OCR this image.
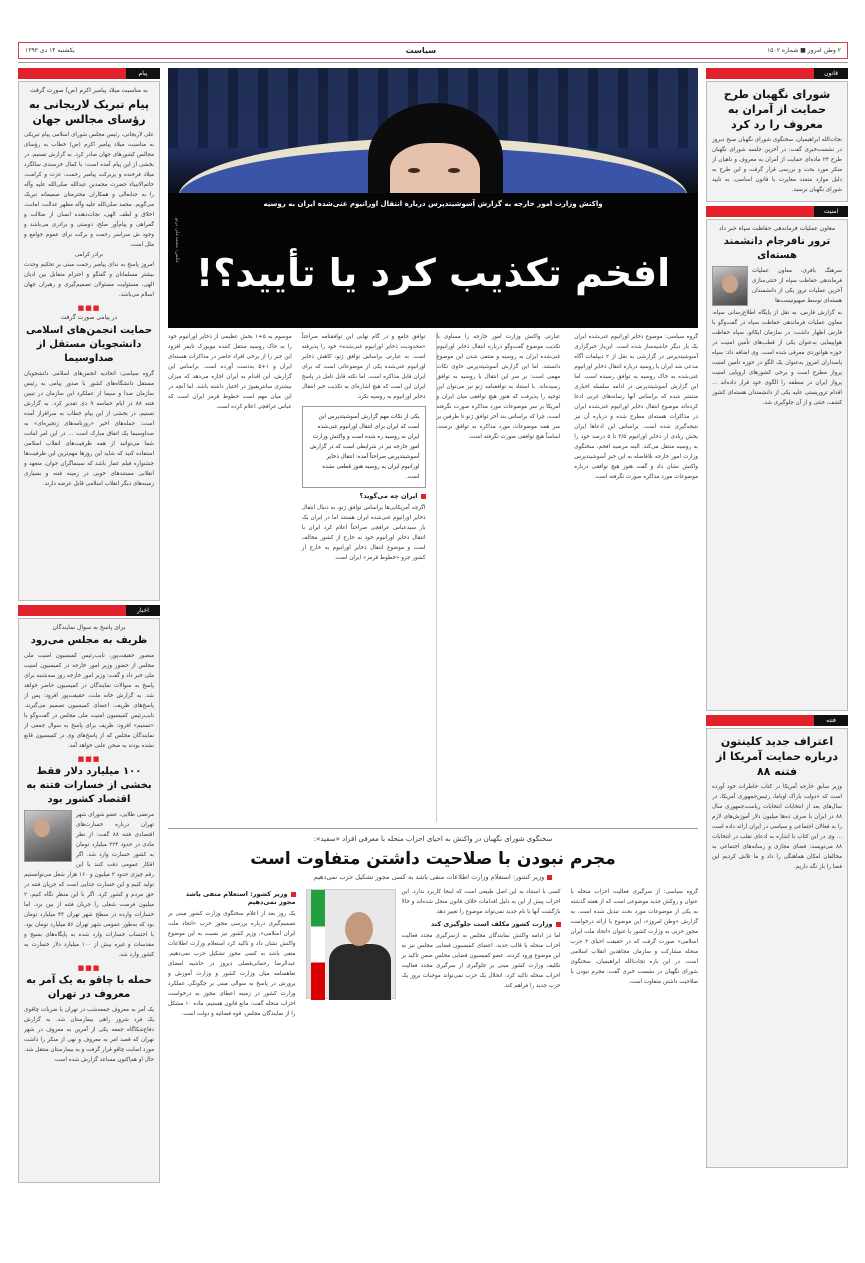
۲ وطن امروز ■ شماره ۱۵۰۲
سیاست
یکشنبه ۱۴ دی ۱۳۹۳
قانون
شورای نگهبان طرح حمایت از آمران به معروف را رد کرد
نجات‌الله ابراهیمیان، سخنگوی شورای نگهبان صبح دیروز در نشست‌خبری گفت: در آخرین جلسه شورای نگهبان طرح ۲۴ ماده‌ای حمایت از آمران به معروف و ناهیان از منکر مورد بحث و بررسی قرار گرفت و این طرح به دلیل موارد متعدد مغایرت با قانون اساسی، به تایید شورای نگهبان نرسید.
امنیت
معاون عملیات فرماندهی حفاظت سپاه خبر داد
ترور نافرجام دانشمند هسته‌ای
سرهنگ باقری، معاون عملیات فرماندهی حفاظت سپاه از خنثی‌سازی آخرین عملیات ترور یکی از دانشمندان هسته‌ای توسط صهیونیست‌ها
به گزارش فارس، به‌ نقل از پایگاه اطلاع‌رسانی سپاه، معاون عملیات فرماندهی حفاظت سپاه در گفت‌وگو با فارس اظهار داشت: در سازمان ایکائو، سپاه حفاظت هواپیمایی به‌عنوان یکی از قطب‌های تأمین امنیت در حوزه هوانوردی معرفی شده است. وی اضافه داد: سپاه پاسداران امروز به‌عنوان یک الگو در حوزه تأمین امنیت پرواز مطرح است و برخی کشورهای اروپایی امنیت پرواز ایران در منطقه را الگوی خود قرار داده‌اند ... اقدام تروریستی علیه یکی از دانشمندان هسته‌ای کشور کشف، خنثی و از آن جلوگیری شد.
فتنه
اعتراف جدید کلینتون درباره حمایت آمریکا از فتنه ۸۸
وزیر سابق خارجه آمریکا در کتاب خاطرات خود آورده است که «دولت باراک اوباما، رئیس‌جمهوری آمریکا، در سال‌های بعد از انتخابات انتخابات ریاست‌جمهوری سال ۸۸ در ایران با صرف ده‌ها میلیون دلار آموزش‌های لازم را به فعالان اجتماعی و سیاسی در ایران ارائه داده است ... وی در این کتاب با اشاره به ادعای تقلب در انتخابات ۸۸ می‌نویسد: فضای مجازی و رسانه‌های اجتماعی به مخالفان امکان هماهنگی را داد و ما تلاش کردیم این فضا را باز نگه داریم.
پیام
به مناسبت میلاد پیامبر اکرم (ص) صورت گرفت
پیام تبریک لاریجانی به رؤسای مجالس جهان
علی لاریجانی، رئیس مجلس شورای اسلامی پیام تبریکی به مناسبت میلاد پیامبر اکرم (ص) خطاب به رؤسای مجالس کشورهای جهان صادر کرد. به گزارش تسنیم، در بخشی از این پیام آمده است: با کمال خرسندی سالگرد میلاد فرخنده و پربرکت پیامبر رحمت، عزت و کرامت، خاتم‌الانبیاء حضرت محمدبن عبدالله صلی‌الله علیه وآله را به جنابعالی و همکاران محترمتان صمیمانه تبریک می‌گویم. محمد صلی‌الله علیه وآله مظهر عدالت، امانت، اخلاق و لطف الهی، نجات‌دهنده انسان از ضلالت و گمراهی و پیام‌آور صلح، دوستی و برادری می‌باشد و وجود ش سراسر رحمت و برکت برای عموم جوامع و ملل است.
برادر کرامی
امروز پاسخ به ندای پیامبر رحمت مبنی بر تحکیم وحدت بیشتر مسلمانان و گفتگو و احترام متقابل بین ادیان الهی، مسئولیت مسئولان تصمیم‌گیری و رهبران جهان اسلام می‌باشد.
■■■
در پیامی صورت گرفت
حمایت انجمن‌های اسلامی دانشجویان مستقل از صداوسیما
گروه سیاسی: اتحادیه انجمن‌های اسلامی دانشجویان مستقل دانشگاه‌های کشور با صدور پیامی به رئیس سازمان صدا و سیما از عملکرد این سازمان در تبیین فتنه ۸۸ در ایام حماسه ۹ دی تقدیر کرد. به گزارش تسنیم، در بخشی از این پیام خطاب به سرافراز آمده است: حمله‌های اخیر «روزنامه‌های زنجیره‌ای» به صداوسیما یک اتفاق مبارک است ... در این امر امانت شما می‌توانید از همه ظرفیت‌های انقلاب اسلامی استفاده کنید که شاید این روزها مهم‌ترین این ظرفیت‌ها جشنواره فیلم عمار باشد که سینماگران جوان، متعهد و انقلابی مستندهای خوبی در زمینه فتنه و بسیاری زمینه‌های دیگر انقلاب اسلامی قابل عرضه دارند.
اخبار
برای پاسخ به سوال نمایندگان
ظریف به مجلس می‌رود
منصور حقیقت‌پور، نایب‌رئیس کمیسیون امنیت ملی مجلس از حضور وزیر امور خارجه در کمیسیون امنیت ملی خبر داد و گفت: وزیر امور خارجه روز سه‌شنبه برای پاسخ به سوالات نمایندگان در کمیسیون حاضر خواهد شد. به گزارش خانه ملت، حقیقت‌پور افزود: پس از پاسخ‌های ظریف، اعضای کمیسیون تصمیم می‌گیرند. نایب‌رئیس کمیسیون امنیت ملی مجلس در گفت‌وگو با «تسنیم» افزود: ظریف برای پاسخ به سوال جمعی از نمایندگان مجلس که از پاسخ‌های وی در کمیسیون قانع نشده بودند به صحن علنی خواهد آمد.
■■■
۱۰۰ میلیارد دلار فقط بخشی از خسارات فتنه به اقتصاد کشور بود
مرتضی طلایی، عضو شورای شهر تهران درباره خسارت‌های اقتصادی فتنه ۸۸ گفت: از نظر مادی در حدود ۲۲۴ میلیارد تومان به کشور خسارت وارد شد. اگر افکار عمومی دقت کنند با این رقم چیزی حدود ۲ میلیون و ۱۶۰ هزار شغل می‌توانستیم تولید کنیم و این خسارت جدایی است که جریان فتنه در حق مردم و کشور کرد. اگر با این منظر نگاه کنیم، ۲ میلیون فرصت شغلی را جریان فتنه از بین برد. اما خسارات وارده در سطح شهر تهران ۴۳ میلیارد تومان بود که به‌طور عمومی شهر تهران ۵۶ میلیارد تومان بود. با احتساب خسارات وارد شده به پایگاه‌های بسیج و مقدسات و غیره بیش از ۱۰۰ میلیارد دلار خسارت به کشور وارد شد.
■■■
حمله با چاقو به یک آمر به معروف در تهران
یک آمر به معروف جمعه‌شب در تهران با ضربات چاقوی یک فرد شرور راهی بیمارستان شد. به گزارش دفاع‌شکاگاه جمعه یکی از آمرین به معروف در شهر تهران که قصد امر به معروف و نهی از منکر را داشت مورد اصابت چاقو قرار گرفت و به بیمارستان منتقل شد. حال او هم‌اکنون مساعد گزارش شده است.
واکنش وزارت امور خارجه به گزارش آسوشیتدپرس درباره انتقال اورانیوم غنی‌شده ایران به روسیه
افخم تکذیب کرد یا تأیید؟!
عکس: محمدعلی برنو
گروه سیاسی: موضوع ذخایر اورانیوم غنی‌شده ایران یک بار دیگر حاشیه‌ساز شده است. این‌بار خبرگزاری آسوشیتدپرس در گزارشی به نقل از ۲ دیپلمات آگاه مدعی شد ایران با روسیه درباره انتقال ذخایر اورانیوم غنی‌شده به خاک روسیه به توافق رسیده است. اما این گزارش آسوشیتدپرس در ادامه سلسله اخباری منتشر شده که براساس آنها رسانه‌های غربی ادعا کرده‌اند موضوع انتقال ذخایر اورانیوم غنی‌شده ایران در مذاکرات هسته‌ای مطرح شده و درباره آن نیز نتیجه‌گیری شده است. براساس این ادعاها ایران بخش زیادی از ذخایر اورانیوم ۳/۵ تا ۵ درصد خود را به روسیه منتقل می‌کند. البته مرضیه افخم، سخنگوی وزارت امور خارجه بلافاصله به این خبر آسوشیتدپرس واکنش نشان داد و گفت هنوز هیچ توافقی درباره موضوعات مورد مذاکره صورت نگرفته است.
عبارتی واکنش وزارت امور خارجه را مساوی با تکذیب موضوع گفت‌وگو درباره انتقال ذخایر اورانیوم غنی‌شده ایران به روسیه و منتفی شدن این موضوع دانستند. اما این گزارش آسوشیتدپرس حاوی نکات مهمی است: بر سر این انتقال با روسیه به توافق رسیده‌اند. با استناد به توافقنامه ژنو نیز می‌توان این توجیه را پذیرفت که هنوز هیچ توافقی میان ایران و آمریکا بر سر موضوعات مورد مذاکره صورت نگرفته است، چرا که براساس بند آخر توافق ژنو تا طرفین بر سر همه موضوعات مورد مذاکره به توافق نرسند، اساساً هیچ توافقی صورت نگرفته است.
توافق جامع و در گام نهایی این توافقنامه صراحتاً «محدودیت ذخایر اورانیوم غنی‌شده» خود را پذیرفته است. به عبارتی براساس توافق ژنو، کاهش ذخایر اورانیوم غنی‌شده یکی از موضوعاتی است که برای ایران قابل مذاکره است. اما نکته قابل تامل در پاسخ ایران این است که هیچ اشاره‌ای به تکذیب خبر انتقال ذخایر اورانیوم به روسیه نکرد.
یکی از نکات مهم گزارش آسوشیتدپرس این است که ایران برای انتقال اورانیوم غنی‌شده ایران به روسیه ره شده است و واکنش وزارت امور خارجه نیز در شرایطی است که در گزارش آسوشیتدپرس صراحتاً آمده: انتقال ذخایر اورانیوم ایران به روسیه هنوز قطعی نشده است.
ایران چه می‌گوید؟
اگرچه آمریکایی‌ها براساس توافق ژنو، به دنبال انتقال ذخایر اورانیوم غنی‌شده ایران هستند اما در ایران یک بار سیدعباس عراقچی صراحتاً اعلام کرد ایران با انتقال ذخایر اورانیوم خود به خارج از کشور مخالف است و موضوع انتقال ذخایر اورانیوم به خارج از کشور جزو «خطوط قرمز» ایران است.
موسوم به ۵+۱ بخش عظیمی از ذخایر اورانیوم خود را به خاک روسیه منتقل کننده نیویورک تایمز افزود این خبر را از برخی افراد حاضر در مذاکرات هسته‌ای ایران و ۱+۵ به‌دست آورده است. براساس این گزارش، این اقدام به ایران اجازه می‌دهد که میزان بیشتری سانتریفیوژ در اختیار داشته باشد. اما آنچه در این میان مهم است خطوط قرمز ایران است که عباس عراقچی اعلام کرده است.
سخنگوی شورای نگهبان در واکنش به احیای احزاب منحله با معرفی افراد «سفید»:
مجرم نبودن با صلاحیت داشتن متفاوت است
وزیر کشور: استعلام وزارت اطلاعات منفی باشد به کسی مجوز تشکیل حزب نمی‌دهیم
گروه سیاسی: از سرگیری فعالیت احزاب منحله با عنوان و روکش جدید موضوعی است که از هفته گذشته به یکی از موضوعات مورد بحث تبدیل شده است. به گزارش «وطن امروز»، این موضوع با ارائه درخواست مجوز حزبی به وزارت کشور با عنوان «اتحاد ملت ایران اسلامی» صورت گرفت که در حقیقت احیای ۲ حزب منحله مشارکت و سازمان مجاهدین انقلاب اسلامی است. در این باره نجات‌الله ابراهیمیان، سخنگوی شورای نگهبان در نشست خبری گفت: مجرم نبودن با صلاحیت داشتن متفاوت است.
کسی با استناد به این اصل طبیعی است که اینجا کاربرد ندارد. این احزاب پیش از این به دلیل اقدامات خلاف قانون منحل شده‌اند و حالا بازگشت آنها با نام جدید نمی‌تواند موضوع را تغییر دهد.
وزارت کشور مکلف است جلوگیری کند
اما در ادامه واکنش نمایندگان مجلس به ازسرگیری مجدد فعالیت احزاب منحله با قالب جدید، اعضای کمیسیون قضایی مجلس نیز به این موضوع ورود کردند. عضو کمیسیون قضایی مجلس ضمن تاکید بر تکلیف وزارت کشور مبنی بر جلوگیری از سرگیری مجدد فعالیت احزاب منحله تاکید کرد: انحلال یک حزب نمی‌تواند موجبات بروز یک حزب جدید را فراهم کند.
وزیر کشور: استعلام منفی باشد مجوز نمی‌دهیم
یک روز بعد از اعلام سخنگوی وزارت کشور مبنی بر تصمیم‌گیری درباره بررسی مجوز حزب «اتحاد ملت ایران اسلامی»، وزیر کشور نیز نسبت به این موضوع واکنش نشان داد و تاکید کرد استعلام وزارت اطلاعات منفی باشد به کسی مجوز تشکیل حزب نمی‌دهیم. عبدالرضا رحمانی‌فضلی دیروز در حاشیه امضای تفاهمنامه میان وزارت کشور و وزارت آموزش و پرورش در پاسخ به سوالی مبنی بر چگونگی عملکرد وزارت کشور در زمینه اعطای مجوز به درخواست احزاب منحله گفت: مانع قانون هستیم، ماده ۱۰ مشکل را از نمایندگان مجلس، قوه قضائیه و دولت است.
